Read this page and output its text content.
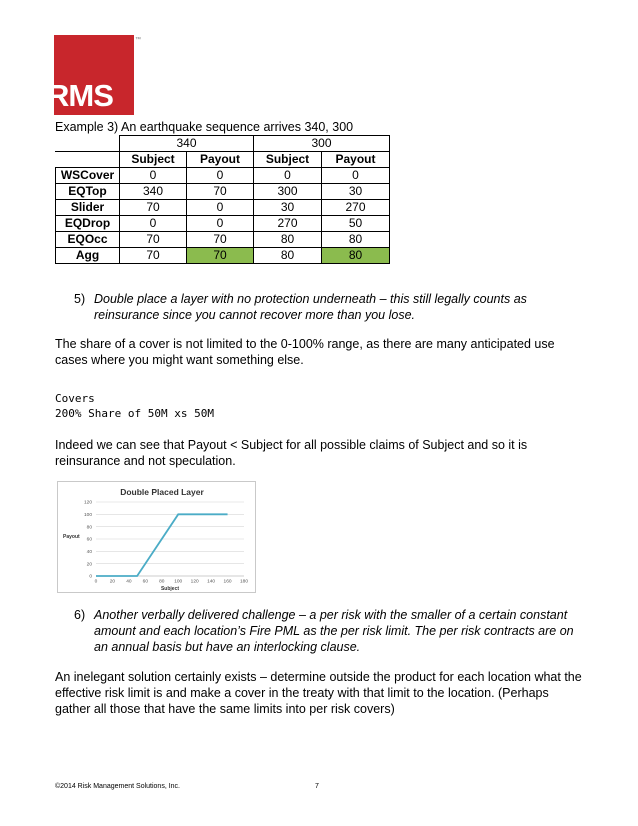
RMS
™
Example 3) An earthquake sequence arrives 340, 300
	340		300	
	Subject	Payout	Subject	Payout
WSCover	0	0	0	0
EQTop	340	70	300	30
Slider	70	0	30	270
EQDrop	0	0	270	50
EQOcc	70	70	80	80
Agg	70	70	80	80
5) Double place a layer with no protection underneath – this still legally counts as reinsurance since you cannot recover more than you lose.
The share of a cover is not limited to the 0-100% range, as there are many anticipated use cases where you might want something else.
Covers
200% Share of 50M xs 50M
Indeed we can see that Payout < Subject for all possible claims of Subject and so it is reinsurance and not speculation.
Double Placed Layer
Payout
Subject
0
20
40
60
80
100
120
0	20 40 60 80 100 120 140 160 180
6) Another verbally delivered challenge – a per risk with the smaller of a certain constant amount and each location’s Fire PML as the per risk limit. The per risk contracts are on an annual basis but have an interlocking clause.
An inelegant solution certainly exists – determine outside the product for each location what the effective risk limit is and make a cover in the treaty with that limit to the location. (Perhaps gather all those that have the same limits into per risk covers)
©2014 Risk Management Solutions, Inc.	7
